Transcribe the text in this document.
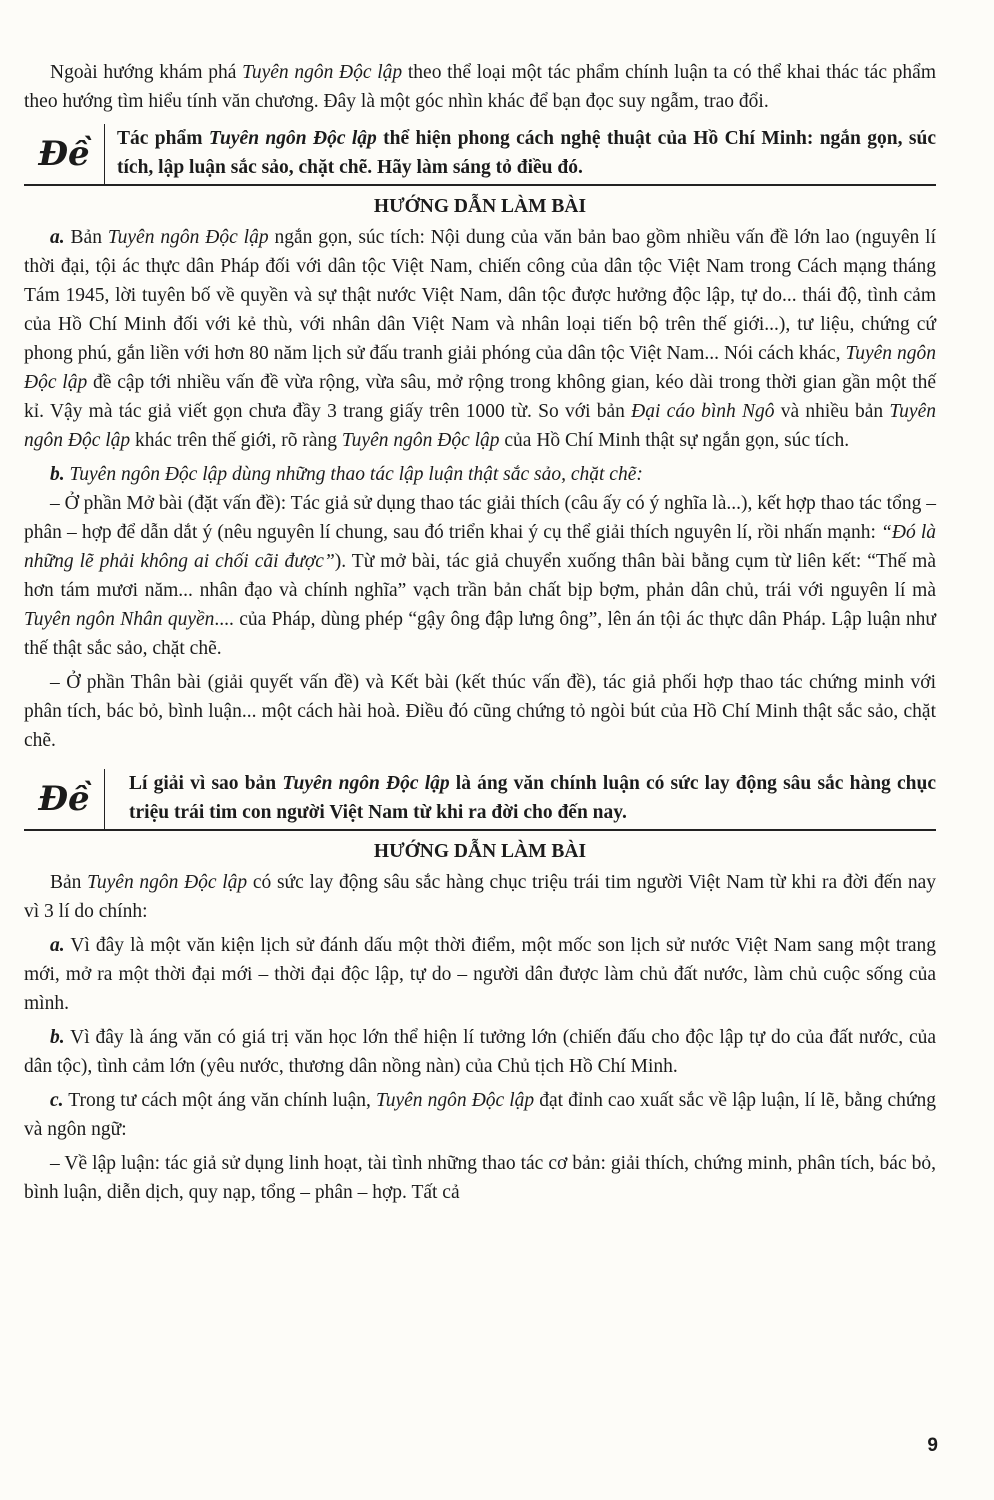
Ngoài hướng khám phá Tuyên ngôn Độc lập theo thể loại một tác phẩm chính luận ta có thể khai thác tác phẩm theo hướng tìm hiểu tính văn chương. Đây là một góc nhìn khác để bạn đọc suy ngẫm, trao đổi.

Đề	Tác phẩm Tuyên ngôn Độc lập thể hiện phong cách nghệ thuật của Hồ Chí Minh: ngắn gọn, súc tích, lập luận sắc sảo, chặt chẽ. Hãy làm sáng tỏ điều đó.
HƯỚNG DẪN LÀM BÀI

a. Bản Tuyên ngôn Độc lập ngắn gọn, súc tích: Nội dung của văn bản bao gồm nhiều vấn đề lớn lao (nguyên lí thời đại, tội ác thực dân Pháp đối với dân tộc Việt Nam, chiến công của dân tộc Việt Nam trong Cách mạng tháng Tám 1945, lời tuyên bố về quyền và sự thật nước Việt Nam, dân tộc được hưởng độc lập, tự do... thái độ, tình cảm của Hồ Chí Minh đối với kẻ thù, với nhân dân Việt Nam và nhân loại tiến bộ trên thế giới...), tư liệu, chứng cứ phong phú, gắn liền với hơn 80 năm lịch sử đấu tranh giải phóng của dân tộc Việt Nam... Nói cách khác, Tuyên ngôn Độc lập đề cập tới nhiều vấn đề vừa rộng, vừa sâu, mở rộng trong không gian, kéo dài trong thời gian gần một thế kỉ. Vậy mà tác giả viết gọn chưa đầy 3 trang giấy trên 1000 từ. So với bản Đại cáo bình Ngô và nhiều bản Tuyên ngôn Độc lập khác trên thế giới, rõ ràng Tuyên ngôn Độc lập của Hồ Chí Minh thật sự ngắn gọn, súc tích.

b. Tuyên ngôn Độc lập dùng những thao tác lập luận thật sắc sảo, chặt chẽ:

– Ở phần Mở bài (đặt vấn đề): Tác giả sử dụng thao tác giải thích (câu ấy có ý nghĩa là...), kết hợp thao tác tổng – phân – hợp để dẫn dắt ý (nêu nguyên lí chung, sau đó triển khai ý cụ thể giải thích nguyên lí, rồi nhấn mạnh: “Đó là những lẽ phải không ai chối cãi được”). Từ mở bài, tác giả chuyển xuống thân bài bằng cụm từ liên kết: “Thế mà hơn tám mươi năm... nhân đạo và chính nghĩa” vạch trần bản chất bịp bợm, phản dân chủ, trái với nguyên lí mà Tuyên ngôn Nhân quyền.... của Pháp, dùng phép “gậy ông đập lưng ông”, lên án tội ác thực dân Pháp. Lập luận như thế thật sắc sảo, chặt chẽ.

– Ở phần Thân bài (giải quyết vấn đề) và Kết bài (kết thúc vấn đề), tác giả phối hợp thao tác chứng minh với phân tích, bác bỏ, bình luận... một cách hài hoà. Điều đó cũng chứng tỏ ngòi bút của Hồ Chí Minh thật sắc sảo, chặt chẽ.

Đề	Lí giải vì sao bản Tuyên ngôn Độc lập là áng văn chính luận có sức lay động sâu sắc hàng chục triệu trái tim con người Việt Nam từ khi ra đời cho đến nay.
HƯỚNG DẪN LÀM BÀI

Bản Tuyên ngôn Độc lập có sức lay động sâu sắc hàng chục triệu trái tim người Việt Nam từ khi ra đời đến nay vì 3 lí do chính:

a. Vì đây là một văn kiện lịch sử đánh dấu một thời điểm, một mốc son lịch sử nước Việt Nam sang một trang mới, mở ra một thời đại mới – thời đại độc lập, tự do – người dân được làm chủ đất nước, làm chủ cuộc sống của mình.

b. Vì đây là áng văn có giá trị văn học lớn thể hiện lí tưởng lớn (chiến đấu cho độc lập tự do của đất nước, của dân tộc), tình cảm lớn (yêu nước, thương dân nồng nàn) của Chủ tịch Hồ Chí Minh.

c. Trong tư cách một áng văn chính luận, Tuyên ngôn Độc lập đạt đỉnh cao xuất sắc về lập luận, lí lẽ, bằng chứng và ngôn ngữ:

– Về lập luận: tác giả sử dụng linh hoạt, tài tình những thao tác cơ bản: giải thích, chứng minh, phân tích, bác bỏ, bình luận, diễn dịch, quy nạp, tổng – phân – hợp. Tất cả

9
